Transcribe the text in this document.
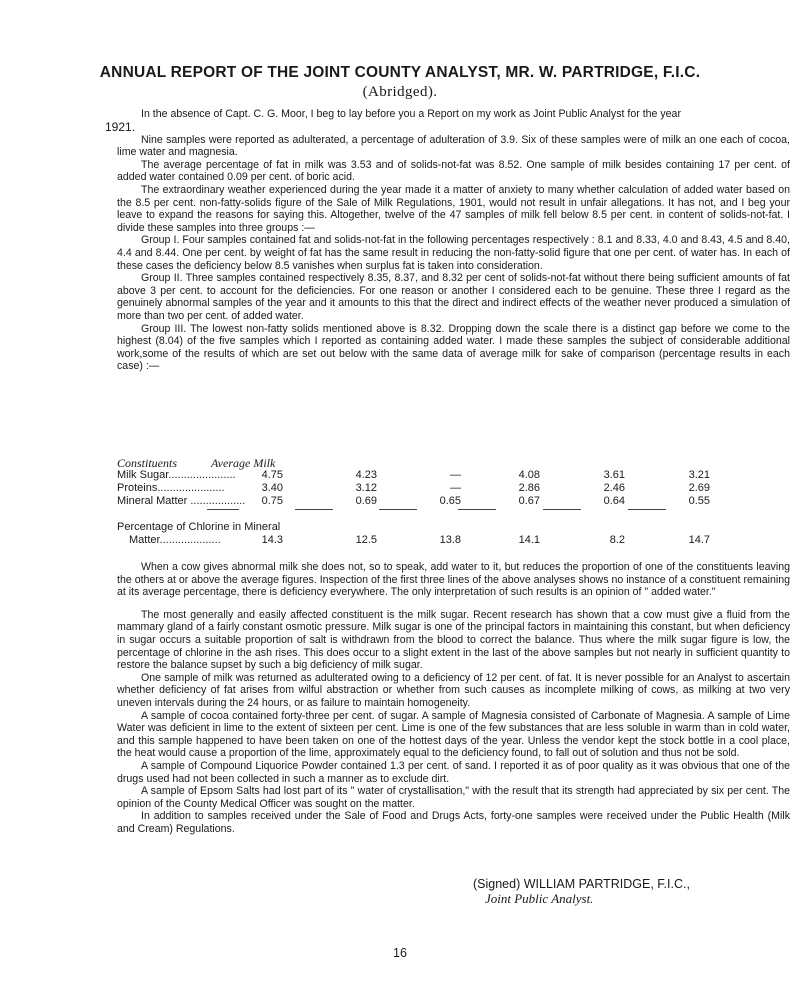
ANNUAL REPORT OF THE JOINT COUNTY ANALYST, MR. W. PARTRIDGE, F.I.C.
(Abridged).

In the absence of Capt. C. G. Moor, I beg to lay before you a Report on my work as Joint Public Analyst for the year

1921.

Nine samples were reported as adulterated, a percentage of adulteration of 3.9. Six of these samples were of milk an one each of cocoa, lime water and magnesia.

The average percentage of fat in milk was 3.53 and of solids-not-fat was 8.52. One sample of milk besides containing 17 per cent. of added water contained 0.09 per cent. of boric acid.

The extraordinary weather experienced during the year made it a matter of anxiety to many whether calculation of added water based on the 8.5 per cent. non-fatty-solids figure of the Sale of Milk Regulations, 1901, would not result in unfair allegations. It has not, and I beg your leave to expand the reasons for saying this. Altogether, twelve of the 47 samples of milk fell below 8.5 per cent. in content of solids-not-fat. I divide these samples into three groups :—

Group I. Four samples contained fat and solids-not-fat in the following percentages respectively : 8.1 and 8.33, 4.0 and 8.43, 4.5 and 8.40, 4.4 and 8.44. One per cent. by weight of fat has the same result in reducing the non-fatty-solid figure that one per cent. of water has. In each of these cases the deficiency below 8.5 vanishes when surplus fat is taken into consideration.

Group II. Three samples contained respectively 8.35, 8.37, and 8.32 per cent of solids-not-fat without there being sufficient amounts of fat above 3 per cent. to account for the deficiencies. For one reason or another I considered each to be genuine. These three I regard as the genuinely abnormal samples of the year and it amounts to this that the direct and indirect effects of the weather never produced a simulation of more than two per cent. of added water.

Group III. The lowest non-fatty solids mentioned above is 8.32. Dropping down the scale there is a distinct gap before we come to the highest (8.04) of the five samples which I reported as containing added water. I made these samples the subject of considerable additional work,some of the results of which are set out below with the same data of average milk for sake of comparison (percentage results in each case) :—

Constituents	Average Milk
Milk Sugar......................	4.75	4.23	—	4.08	3.61	3.21
Proteins......................	3.40	3.12	—	2.86	2.46	2.69
Mineral Matter ..................	0.75	0.69	0.65	0.67	0.64	0.55
Percentage of Chlorine in Mineral
Matter....................	14.3	12.5	13.8	14.1	8.2	14.7

When a cow gives abnormal milk she does not, so to speak, add water to it, but reduces the proportion of one of the constituents leaving the others at or above the average figures. Inspection of the first three lines of the above analyses shows no instance of a constituent remaining at its average percentage, there is deficiency everywhere. The only interpretation of such results is an opinion of " added water."

The most generally and easily affected constituent is the milk sugar. Recent research has shown that a cow must give a fluid from the mammary gland of a fairly constant osmotic pressure. Milk sugar is one of the principal factors in maintaining this constant, but when deficiency in sugar occurs a suitable proportion of salt is withdrawn from the blood to correct the balance. Thus where the milk sugar figure is low, the percentage of chlorine in the ash rises. This does occur to a slight extent in the last of the above samples but not nearly in sufficient quantity to restore the balance supset by such a big deficiency of milk sugar.

One sample of milk was returned as adulterated owing to a deficiency of 12 per cent. of fat. It is never possible for an Analyst to ascertain whether deficiency of fat arises from wilful abstraction or whether from such causes as incomplete milking of cows, as milking at two very uneven intervals during the 24 hours, or as failure to maintain homogeneity.

A sample of cocoa contained forty-three per cent. of sugar. A sample of Magnesia consisted of Carbonate of Magnesia. A sample of Lime Water was deficient in lime to the extent of sixteen per cent. Lime is one of the few substances that are less soluble in warm than in cold water, and this sample happened to have been taken on one of the hottest days of the year. Unless the vendor kept the stock bottle in a cool place, the heat would cause a proportion of the lime, approximately equal to the deficiency found, to fall out of solution and thus not be sold.

A sample of Compound Liquorice Powder contained 1.3 per cent. of sand. I reported it as of poor quality as it was obvious that one of the drugs used had not been collected in such a manner as to exclude dirt.

A sample of Epsom Salts had lost part of its " water of crystallisation," with the result that its strength had appreciated by six per cent. The opinion of the County Medical Officer was sought on the matter.

In addition to samples received under the Sale of Food and Drugs Acts, forty-one samples were received under the Public Health (Milk and Cream) Regulations.

(Signed) WILLIAM PARTRIDGE, F.I.C.,
Joint Public Analyst.
16
